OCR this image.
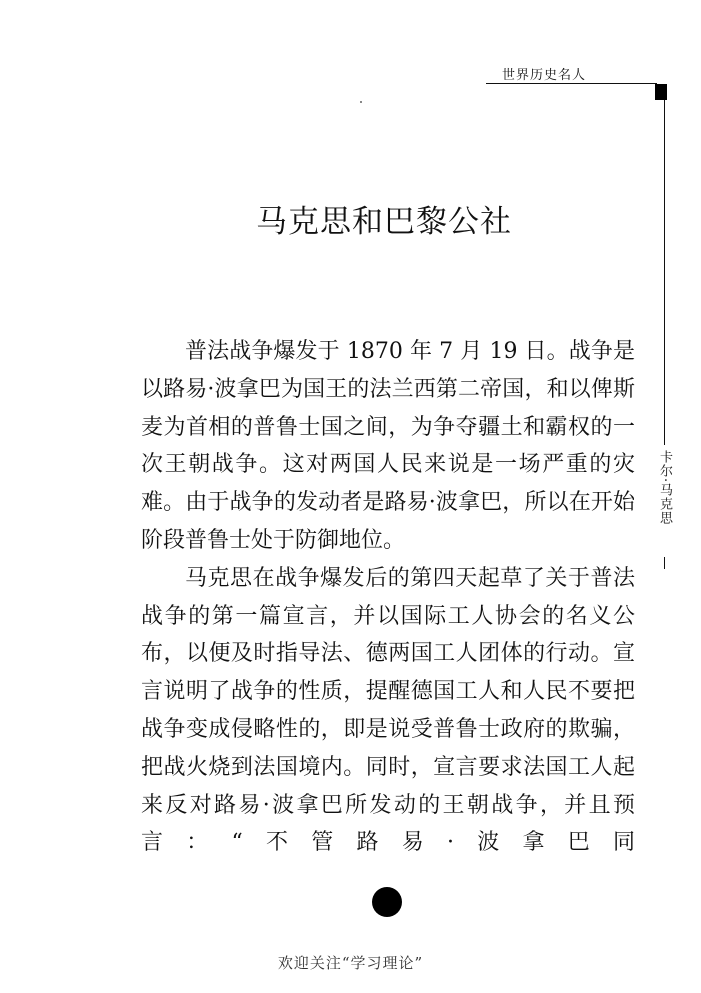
世界历史名人
卡尔·马克思
马克思和巴黎公社

普法战争爆发于 1870 年 7 月 19 日。战争是以路易·波拿巴为国王的法兰西第二帝国，和以俾斯麦为首相的普鲁士国之间，为争夺疆土和霸权的一次王朝战争。这对两国人民来说是一场严重的灾难。由于战争的发动者是路易·波拿巴，所以在开始阶段普鲁士处于防御地位。

马克思在战争爆发后的第四天起草了关于普法战争的第一篇宣言，并以国际工人协会的名义公布，以便及时指导法、德两国工人团体的行动。宣言说明了战争的性质，提醒德国工人和人民不要把战争变成侵略性的，即是说受普鲁士政府的欺骗，把战火烧到法国境内。同时，宣言要求法国工人起来反对路易·波拿巴所发动的王朝战争，并且预言：“不管路易·波拿巴同

欢迎关注“学习理论”
